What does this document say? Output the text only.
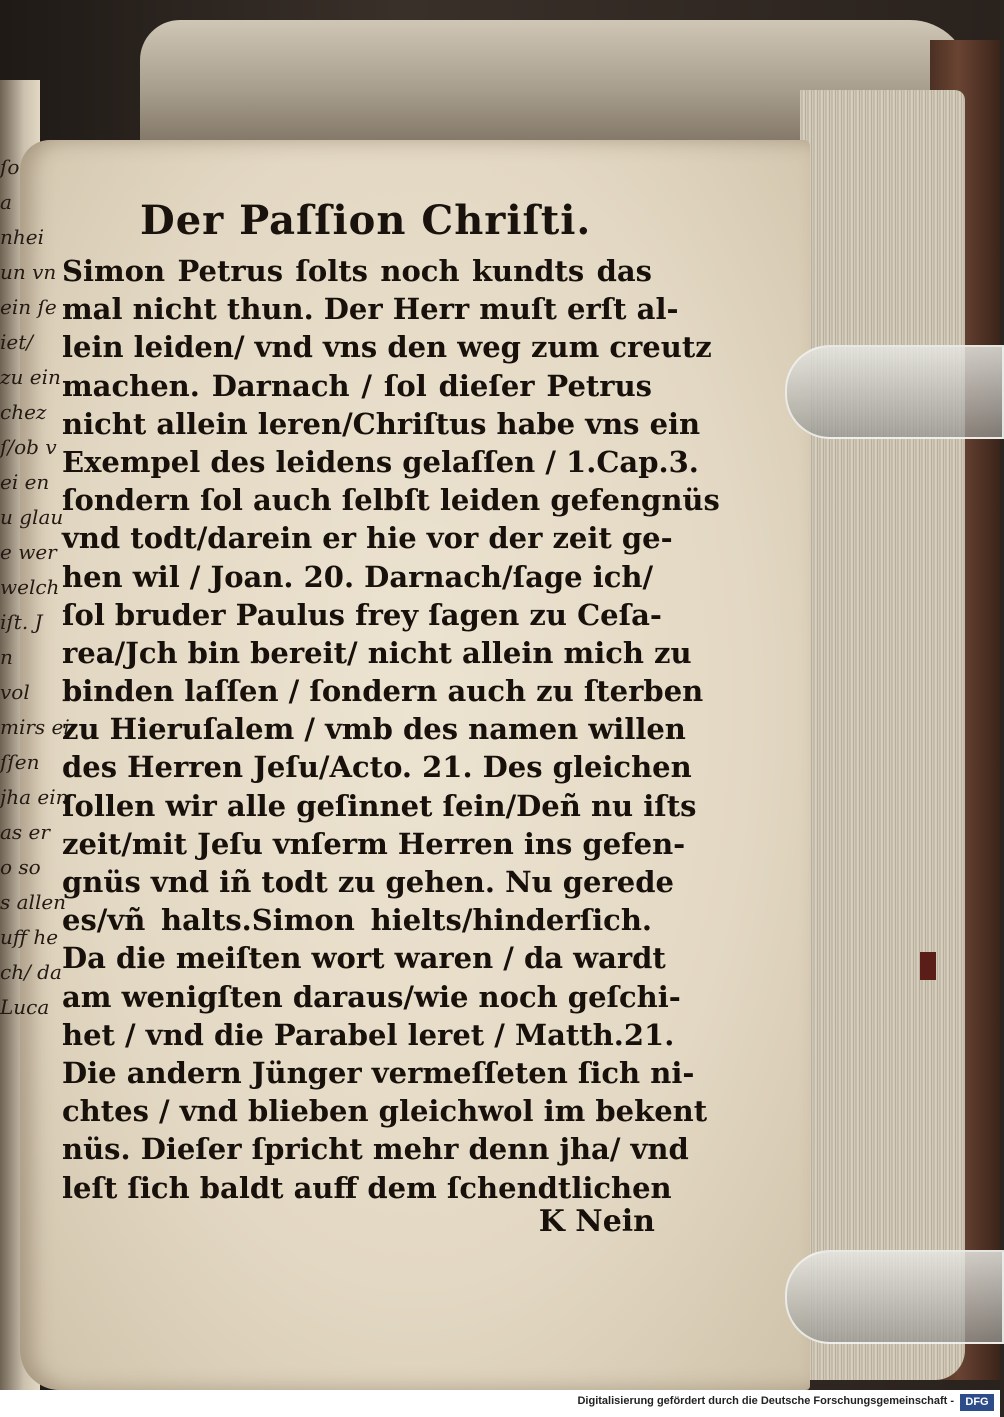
ſo
a
nhei
un vn
ein ſe
iet/
zu ein
chez
ſ/ob v
ei en
u glau
e wer
welch
iſt. J
n
vol
mirs ei
ſſen
jha ein
as er
o so
s allen
uff he
ch/ da
Luca
Der Paſſion Chriſti.
Simon Petrus ſolts noch kundts das
mal nicht thun. Der Herr muſt erſt al-
lein leiden/ vnd vns den weg zum creutz
machen. Darnach / ſol dieſer Petrus
nicht allein leren/Chriſtus habe vns ein
Exempel des leidens gelaſſen / 1.Cap.3.
ſondern ſol auch ſelbſt leiden gefengnüs
vnd todt/darein er hie vor der zeit ge-
hen wil / Joan. 20. Darnach/ſage ich/
ſol bruder Paulus frey ſagen zu Ceſa-
rea/Jch bin bereit/ nicht allein mich zu
binden laſſen / ſondern auch zu ſterben
zu Hieruſalem / vmb des namen willen
des Herren Jeſu/Acto. 21. Des gleichen
ſollen wir alle geſinnet ſein/Deñ nu iſts
zeit/mit Jeſu vnſerm Herren ins gefen-
gnüs vnd iñ todt zu gehen. Nu gerede
es/vñ halts.Simon hielts/hinderſich.
Da die meiſten wort waren / da wardt
am wenigſten daraus/wie noch geſchi-
het / vnd die Parabel leret / Matth.21.
Die andern Jünger vermeſſeten ſich ni-
chtes / vnd blieben gleichwol im bekent
nüs. Dieſer ſpricht mehr denn jha/ vnd
leſt ſich baldt auff dem ſchendtlichen
K Nein
Digitalisierung gefördert durch die Deutsche Forschungsgemeinschaft -	DFG
